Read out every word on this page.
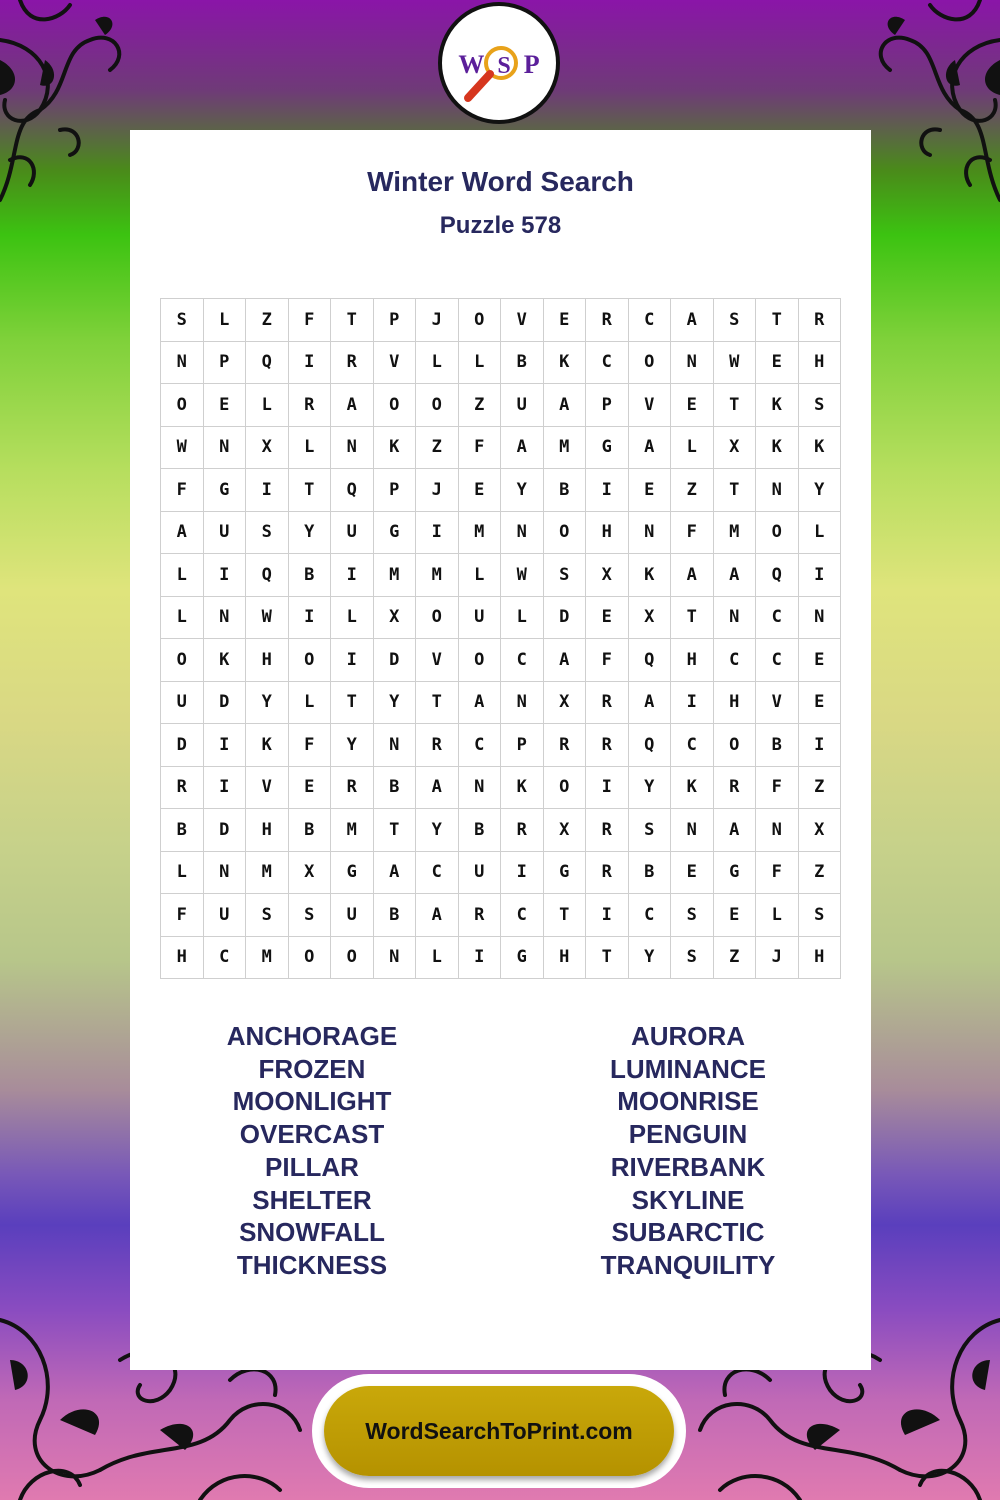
W S P
Winter Word Search
Puzzle 578
S	L	Z	F	T	P	J	O	V	E	R	C	A	S	T	R
N	P	Q	I	R	V	L	L	B	K	C	O	N	W	E	H
O	E	L	R	A	O	O	Z	U	A	P	V	E	T	K	S
W	N	X	L	N	K	Z	F	A	M	G	A	L	X	K	K
F	G	I	T	Q	P	J	E	Y	B	I	E	Z	T	N	Y
A	U	S	Y	U	G	I	M	N	O	H	N	F	M	O	L
L	I	Q	B	I	M	M	L	W	S	X	K	A	A	Q	I
L	N	W	I	L	X	O	U	L	D	E	X	T	N	C	N
O	K	H	O	I	D	V	O	C	A	F	Q	H	C	C	E
U	D	Y	L	T	Y	T	A	N	X	R	A	I	H	V	E
D	I	K	F	Y	N	R	C	P	R	R	Q	C	O	B	I
R	I	V	E	R	B	A	N	K	O	I	Y	K	R	F	Z
B	D	H	B	M	T	Y	B	R	X	R	S	N	A	N	X
L	N	M	X	G	A	C	U	I	G	R	B	E	G	F	Z
F	U	S	S	U	B	A	R	C	T	I	C	S	E	L	S
H	C	M	O	O	N	L	I	G	H	T	Y	S	Z	J	H
ANCHORAGE
FROZEN
MOONLIGHT
OVERCAST
PILLAR
SHELTER
SNOWFALL
THICKNESS
AURORA
LUMINANCE
MOONRISE
PENGUIN
RIVERBANK
SKYLINE
SUBARCTIC
TRANQUILITY
WordSearchToPrint.com
